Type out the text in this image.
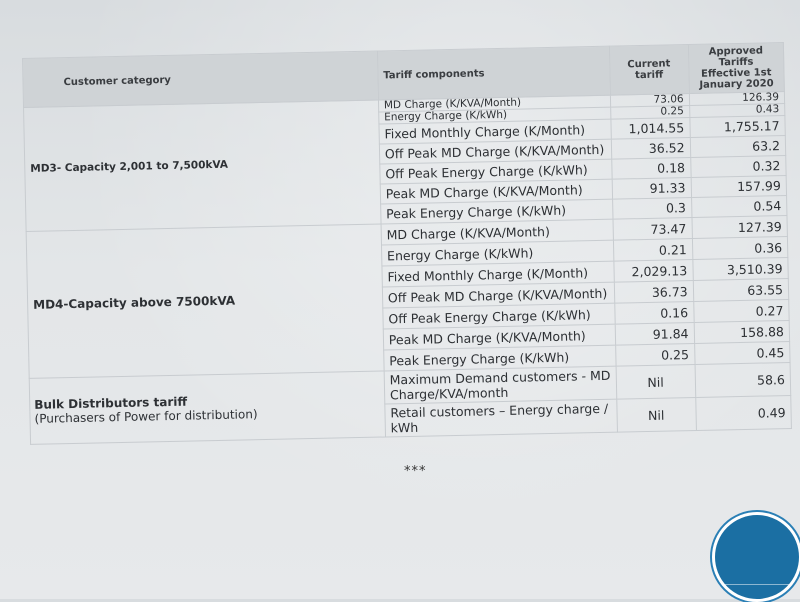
Customer category	Tariff components	Current tariff	Approved
Tariffs
Effective 1st
January 2020
MD3- Capacity 2,001 to 7,500kVA	MD Charge (K/KVA/Month)	73.06	126.39
	Energy Charge (K/kWh)	0.25	0.43
	Fixed Monthly Charge (K/Month)	1,014.55	1,755.17
	Off Peak MD Charge (K/KVA/Month)	36.52	63.2
	Off Peak Energy Charge (K/kWh)	0.18	0.32
	Peak MD Charge (K/KVA/Month)	91.33	157.99
	Peak Energy Charge (K/kWh)	0.3	0.54
MD4-Capacity above 7500kVA	MD Charge (K/KVA/Month)	73.47	127.39
	Energy Charge (K/kWh)	0.21	0.36
	Fixed Monthly Charge (K/Month)	2,029.13	3,510.39
	Off Peak MD Charge (K/KVA/Month)	36.73	63.55
	Off Peak Energy Charge (K/kWh)	0.16	0.27
	Peak MD Charge (K/KVA/Month)	91.84	158.88
	Peak Energy Charge (K/kWh)	0.25	0.45
Bulk Distributors tariff
(Purchasers of Power for distribution)	Maximum Demand customers - MD Charge/KVA/month	Nil	58.6
	Retail customers – Energy charge / kWh	Nil	0.49
***
